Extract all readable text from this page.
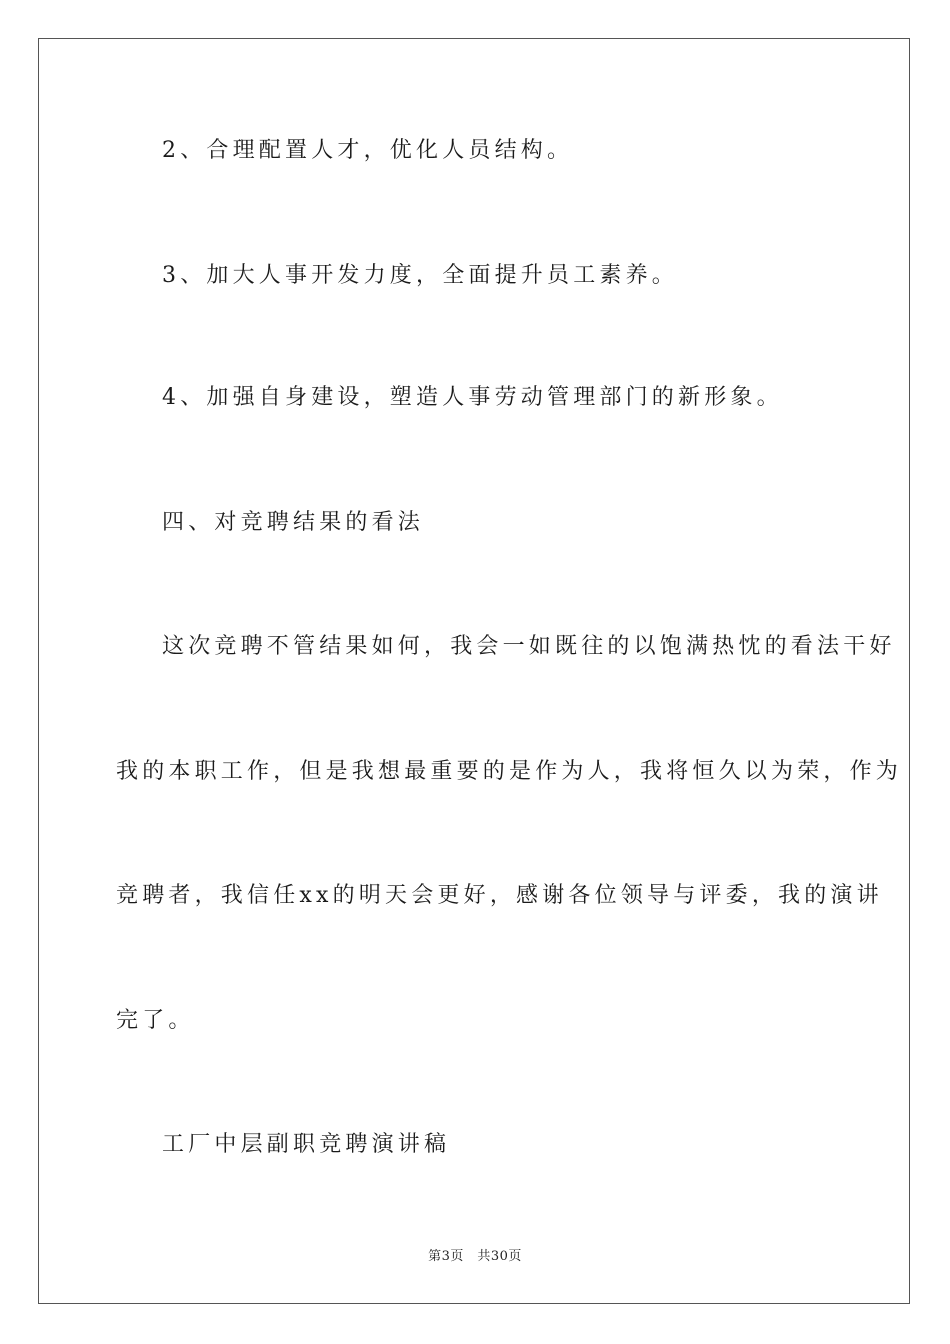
2、合理配置人才，优化人员结构。
3、加大人事开发力度，全面提升员工素养。
4、加强自身建设，塑造人事劳动管理部门的新形象。
四、对竞聘结果的看法
这次竞聘不管结果如何，我会一如既往的以饱满热忱的看法干好
我的本职工作，但是我想最重要的是作为人，我将恒久以为荣，作为
竞聘者，我信任xx的明天会更好，感谢各位领导与评委，我的演讲
完了。
工厂中层副职竞聘演讲稿
第3页　共30页
